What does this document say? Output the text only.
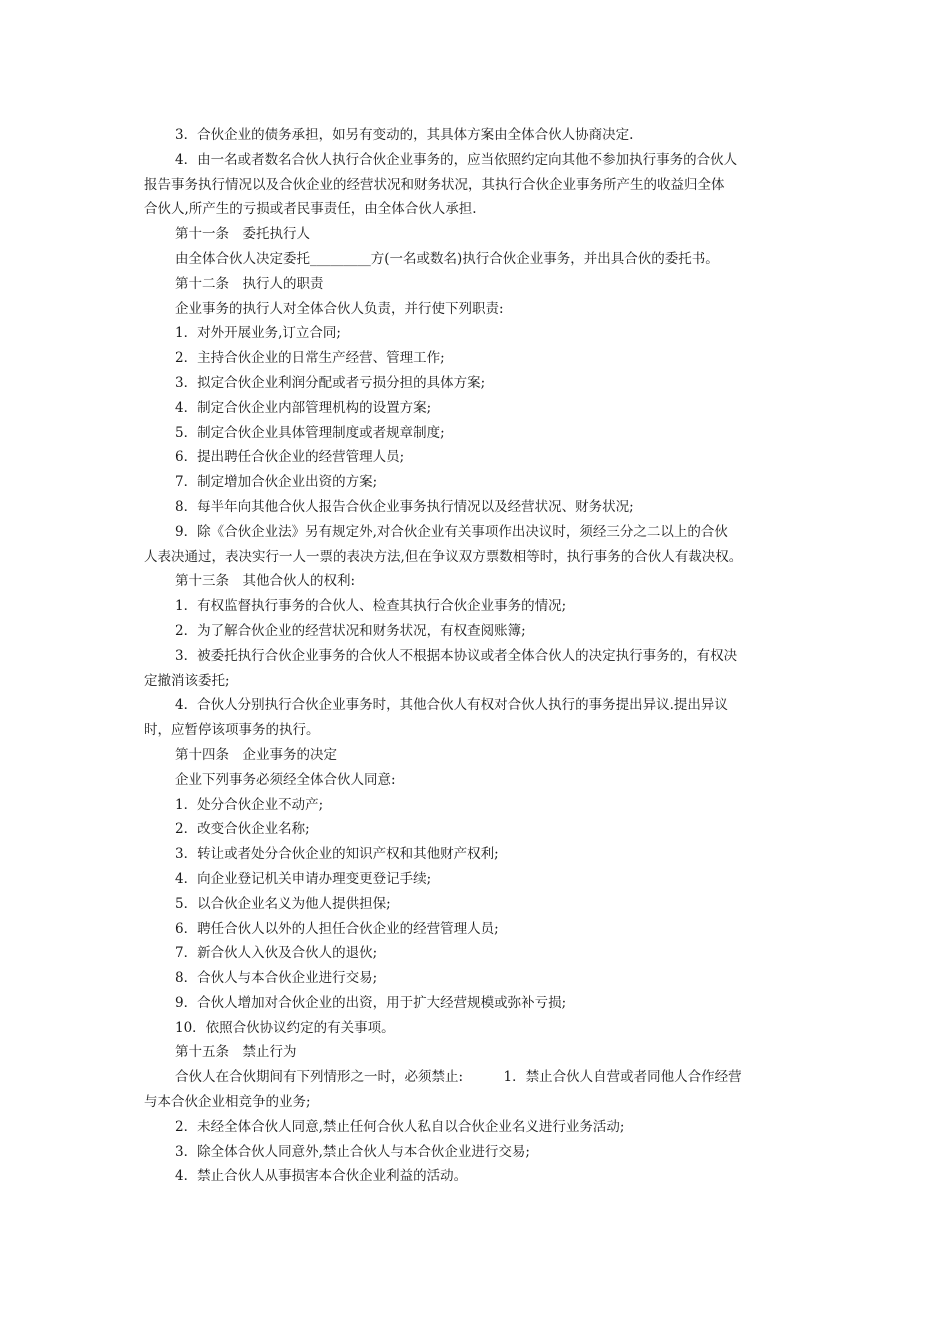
3．合伙企业的债务承担，如另有变动的，其具体方案由全体合伙人协商决定.
4．由一名或者数名合伙人执行合伙企业事务的，应当依照约定向其他不参加执行事务的合伙人
报告事务执行情况以及合伙企业的经营状况和财务状况，其执行合伙企业事务所产生的收益归全体
合伙人,所产生的亏损或者民事责任，由全体合伙人承担.
第十一条　委托执行人
由全体合伙人决定委托_________方(一名或数名)执行合伙企业事务，并出具合伙的委托书。
第十二条　执行人的职责
企业事务的执行人对全体合伙人负责，并行使下列职责:
1．对外开展业务,订立合同;
2．主持合伙企业的日常生产经营、管理工作;
3．拟定合伙企业利润分配或者亏损分担的具体方案;
4．制定合伙企业内部管理机构的设置方案;
5．制定合伙企业具体管理制度或者规章制度;
6．提出聘任合伙企业的经营管理人员;
7．制定增加合伙企业出资的方案;
8．每半年向其他合伙人报告合伙企业事务执行情况以及经营状况、财务状况;
9．除《合伙企业法》另有规定外,对合伙企业有关事项作出决议时，须经三分之二以上的合伙
人表决通过，表决实行一人一票的表决方法,但在争议双方票数相等时，执行事务的合伙人有裁决权。
第十三条　其他合伙人的权利:
1．有权监督执行事务的合伙人、检查其执行合伙企业事务的情况;
2．为了解合伙企业的经营状况和财务状况，有权查阅账簿;
3．被委托执行合伙企业事务的合伙人不根据本协议或者全体合伙人的决定执行事务的，有权决
定撤消该委托;
4．合伙人分别执行合伙企业事务时，其他合伙人有权对合伙人执行的事务提出异议.提出异议
时，应暂停该项事务的执行。
第十四条　企业事务的决定
企业下列事务必须经全体合伙人同意:
1．处分合伙企业不动产;
2．改变合伙企业名称;
3．转让或者处分合伙企业的知识产权和其他财产权利;
4．向企业登记机关申请办理变更登记手续;
5．以合伙企业名义为他人提供担保;
6．聘任合伙人以外的人担任合伙企业的经营管理人员;
7．新合伙人入伙及合伙人的退伙;
8．合伙人与本合伙企业进行交易;
9．合伙人增加对合伙企业的出资，用于扩大经营规模或弥补亏损;
10．依照合伙协议约定的有关事项。
第十五条　禁止行为
合伙人在合伙期间有下列情形之一时，必须禁止:　　　1．禁止合伙人自营或者同他人合作经营
与本合伙企业相竞争的业务;
2．未经全体合伙人同意,禁止任何合伙人私自以合伙企业名义进行业务活动;
3．除全体合伙人同意外,禁止合伙人与本合伙企业进行交易;
4．禁止合伙人从事损害本合伙企业利益的活动。
